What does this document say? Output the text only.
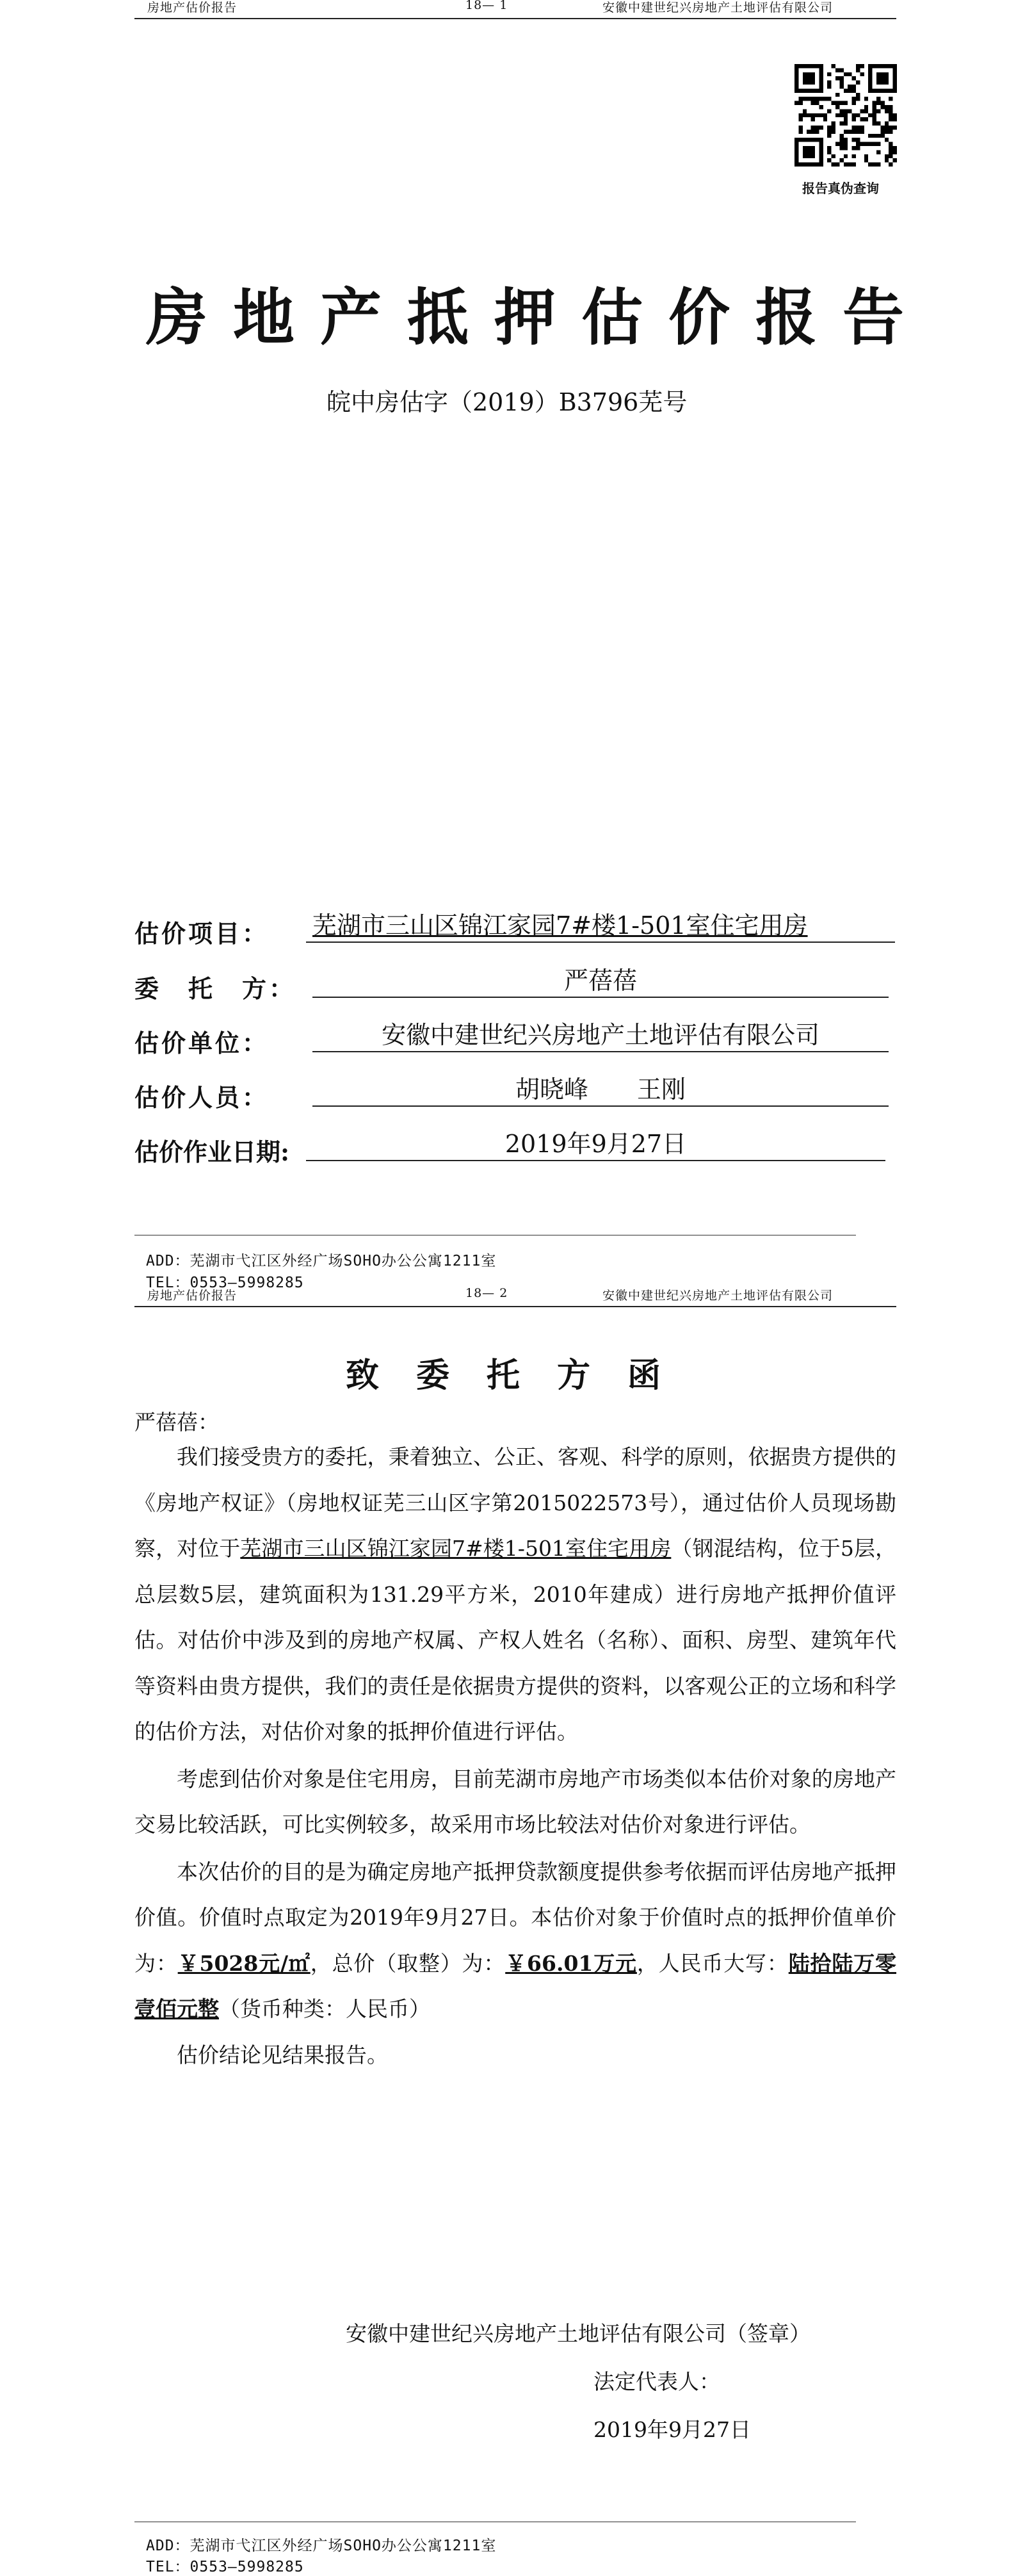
房地产估价报告	18— 1	安徽中建世纪兴房地产土地评估有限公司
报告真伪查询
房地产抵押估价报告
皖中房估字（2019）B3796芜号
估价项目： 芜湖市三山区锦江家园7#楼1-501室住宅用房
委　托　方：	严蓓蓓
估价单位：	安徽中建世纪兴房地产土地评估有限公司
估价人员：	胡晓峰　　王刚
估价作业日期:	2019年9月27日
ADD：芜湖市弋江区外经广场SOHO办公公寓1211室
TEL：0553—5998285
房地产估价报告	18— 2	安徽中建世纪兴房地产土地评估有限公司
致委托方函
严蓓蓓：
我们接受贵方的委托，秉着独立、公正、客观、科学的原则，依据贵方提供的《房地产权证》（房地权证芜三山区字第2015022573号），通过估价人员现场勘察，对位于芜湖市三山区锦江家园7#楼1-501室住宅用房（钢混结构，位于5层，总层数5层，建筑面积为131.29平方米，2010年建成）进行房地产抵押价值评估。对估价中涉及到的房地产权属、产权人姓名（名称）、面积、房型、建筑年代等资料由贵方提供，我们的责任是依据贵方提供的资料，以客观公正的立场和科学的估价方法，对估价对象的抵押价值进行评估。
考虑到估价对象是住宅用房，目前芜湖市房地产市场类似本估价对象的房地产交易比较活跃，可比实例较多，故采用市场比较法对估价对象进行评估。
本次估价的目的是为确定房地产抵押贷款额度提供参考依据而评估房地产抵押价值。价值时点取定为2019年9月27日。本估价对象于价值时点的抵押价值单价为：￥5028元/㎡，总价（取整）为：￥66.01万元，人民币大写：陆拾陆万零壹佰元整（货币种类：人民币）
估价结论见结果报告。
安徽中建世纪兴房地产土地评估有限公司（签章）
法定代表人：
2019年9月27日
ADD：芜湖市弋江区外经广场SOHO办公公寓1211室
TEL：0553—5998285
